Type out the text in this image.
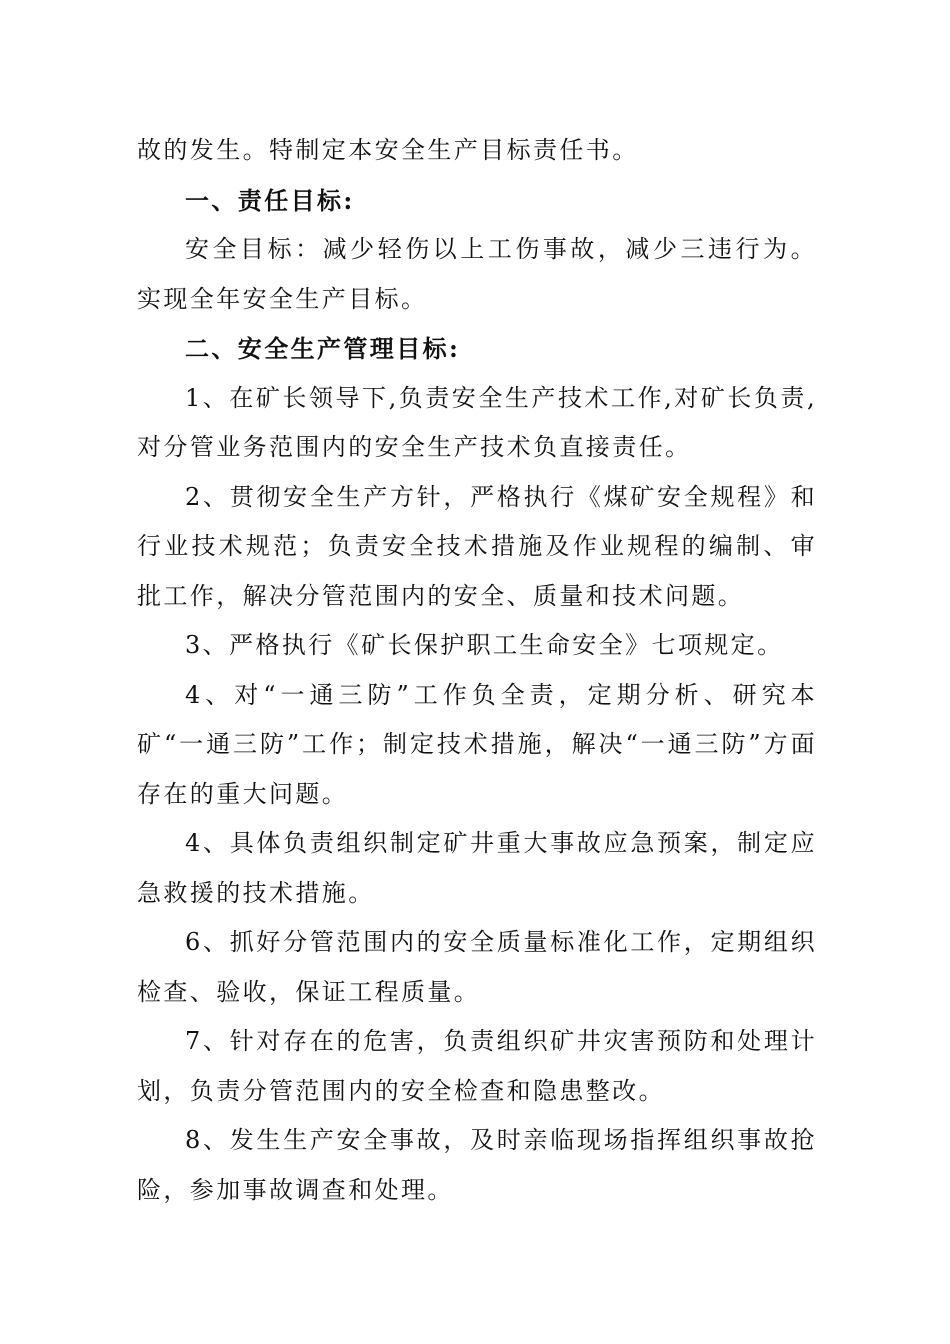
故的发生。特制定本安全生产目标责任书。

一、责任目标:

安全目标：减少轻伤以上工伤事故，减少三违行为。实现全年安全生产目标。

二、安全生产管理目标:

1、在矿长领导下,负责安全生产技术工作,对矿长负责,对分管业务范围内的安全生产技术负直接责任。

2、贯彻安全生产方针，严格执行《煤矿安全规程》和行业技术规范；负责安全技术措施及作业规程的编制、审批工作，解决分管范围内的安全、质量和技术问题。

3、严格执行《矿长保护职工生命安全》七项规定。

4、对“一通三防”工作负全责，定期分析、研究本矿“一通三防”工作；制定技术措施，解决“一通三防”方面存在的重大问题。

4、具体负责组织制定矿井重大事故应急预案，制定应急救援的技术措施。

6、抓好分管范围内的安全质量标准化工作，定期组织检查、验收，保证工程质量。

7、针对存在的危害，负责组织矿井灾害预防和处理计划，负责分管范围内的安全检查和隐患整改。

8、发生生产安全事故，及时亲临现场指挥组织事故抢险，参加事故调查和处理。
